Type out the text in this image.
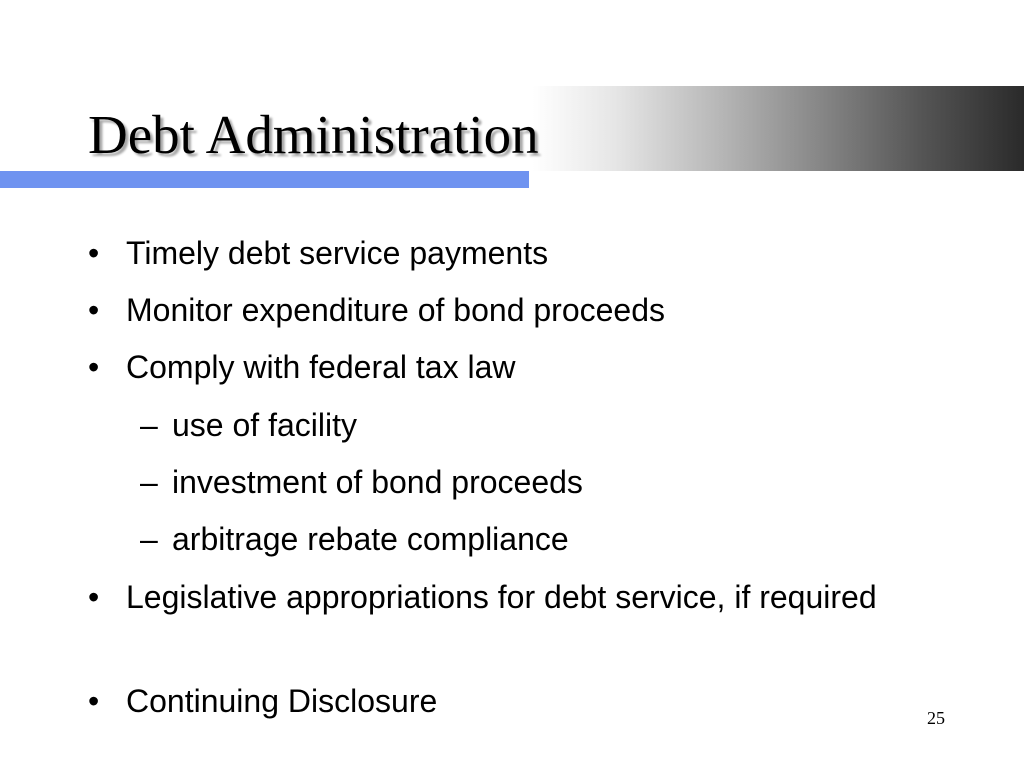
Debt Administration
• Timely debt service payments
• Monitor expenditure of bond proceeds
• Comply with federal tax law
– use of facility
– investment of bond proceeds
– arbitrage rebate compliance
• Legislative appropriations for debt service, if required
• Continuing Disclosure	25
